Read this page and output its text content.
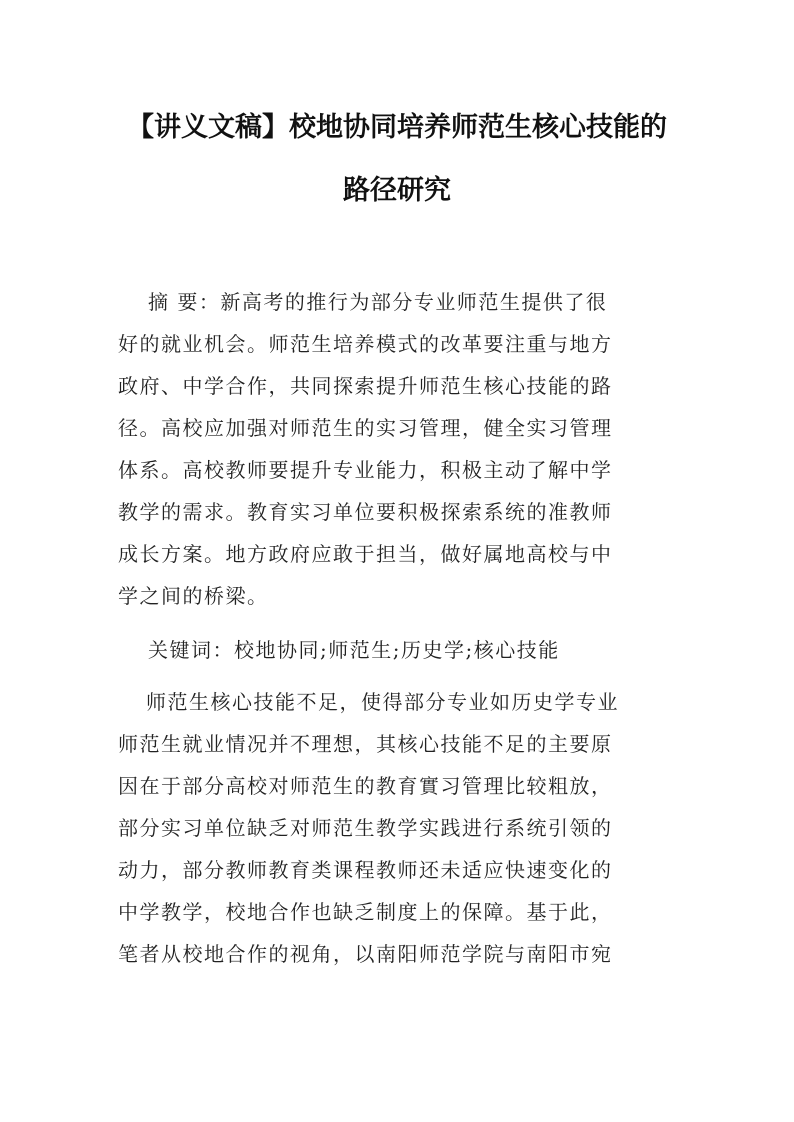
【讲义文稿】校地协同培养师范生核心技能的
路径研究
摘 要：新高考的推行为部分专业师范生提供了很
好的就业机会。师范生培养模式的改革要注重与地方
政府、中学合作，共同探索提升师范生核心技能的路
径。高校应加强对师范生的实习管理，健全实习管理
体系。高校教师要提升专业能力，积极主动了解中学
教学的需求。教育实习单位要积极探索系统的准教师
成长方案。地方政府应敢于担当，做好属地高校与中
学之间的桥梁。
关键词：校地协同;师范生;历史学;核心技能
师范生核心技能不足，使得部分专业如历史学专业
师范生就业情况并不理想，其核心技能不足的主要原
因在于部分高校对师范生的教育實习管理比较粗放，
部分实习单位缺乏对师范生教学实践进行系统引领的
动力，部分教师教育类课程教师还未适应快速变化的
中学教学，校地合作也缺乏制度上的保障。基于此，
笔者从校地合作的视角，以南阳师范学院与南阳市宛
